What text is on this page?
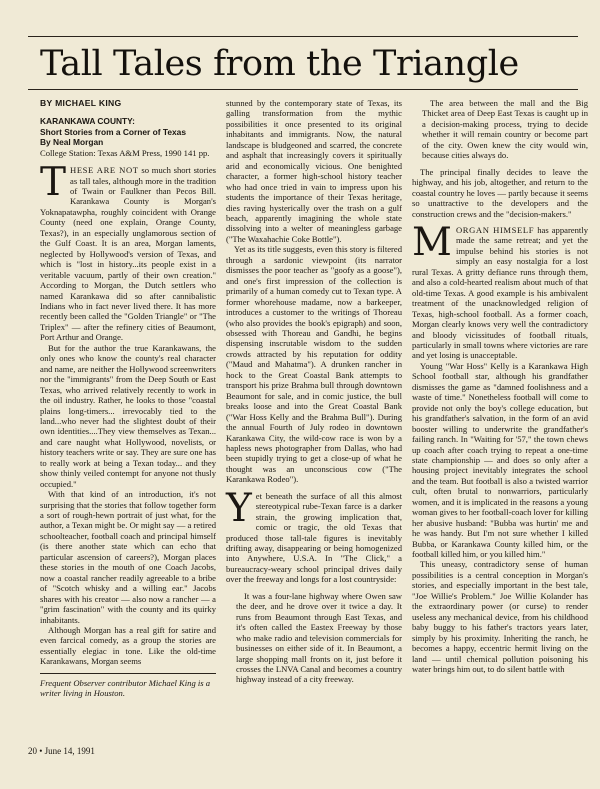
Tall Tales from the Triangle
BY MICHAEL KING
KARANKAWA COUNTY:
Short Stories from a Corner of Texas
By Neal Morgan
College Station: Texas A&M Press, 1990 141 pp.

THESE ARE NOT so much short stories as tall tales, although more in the tradition of Twain or Faulkner than Pecos Bill. Karankawa County is Morgan's Yoknapatawpha, roughly coincident with Orange County (need one explain, Orange County, Texas?), in an especially unglamorous section of the Gulf Coast. It is an area, Morgan laments, neglected by Hollywood's version of Texas, and which is "lost in history...its people exist in a veritable vacuum, partly of their own creation." According to Morgan, the Dutch settlers who named Karankawa did so after cannibalistic Indians who in fact never lived there. It has more recently been called the "Golden Triangle" or "The Triplex" — after the refinery cities of Beaumont, Port Arthur and Orange.

But for the author the true Karankawans, the only ones who know the county's real character and name, are neither the Hollywood screenwriters nor the "immigrants" from the Deep South or East Texas, who arrived relatively recently to work in the oil industry. Rather, he looks to those "coastal plains long-timers... irrevocably tied to the land...who never had the slightest doubt of their own identities....They view themselves as Texan... and care naught what Hollywood, novelists, or history teachers write or say. They are sure one has to really work at being a Texan today... and they show thinly veiled contempt for anyone not thusly occupied."

With that kind of an introduction, it's not surprising that the stories that follow together form a sort of rough-hewn portrait of just what, for the author, a Texan might be. Or might say — a retired schoolteacher, football coach and principal himself (is there another state which can echo that particular ascension of careers?), Morgan places these stories in the mouth of one Coach Jacobs, now a coastal rancher readily agreeable to a bribe of "Scotch whisky and a willing ear." Jacobs shares with his creator — also now a rancher — a "grim fascination" with the county and its quirky inhabitants.

Although Morgan has a real gift for satire and even farcical comedy, as a group the stories are essentially elegiac in tone. Like the old-time Karankawans, Morgan seems

Frequent Observer contributor Michael King is a writer living in Houston.

stunned by the contemporary state of Texas, its galling transformation from the mythic possibilities it once presented to its original inhabitants and immigrants. Now, the natural landscape is bludgeoned and scarred, the concrete and asphalt that increasingly covers it spiritually arid and economically vicious. One benighted character, a former high-school history teacher who had once tried in vain to impress upon his students the importance of their Texas heritage, dies raving hysterically over the trash on a gulf beach, apparently imagining the whole state dissolving into a welter of meaningless garbage ("The Waxahachie Coke Bottle").

Yet as its title suggests, even this story is filtered through a sardonic viewpoint (its narrator dismisses the poor teacher as "goofy as a goose"), and one's first impression of the collection is primarily of a human comedy cut to Texan type. A former whorehouse madame, now a barkeeper, introduces a customer to the writings of Thoreau (who also provides the book's epigraph) and soon, obsessed with Thoreau and Gandhi, he begins dispensing inscrutable wisdom to the sudden crowds attracted by his reputation for oddity ("Maud and Mahatma"). A drunken rancher in hock to the Great Coastal Bank attempts to transport his prize Brahma bull through downtown Beaumont for sale, and in comic justice, the bull breaks loose and into the Great Coastal Bank ("War Hoss Kelly and the Brahma Bull"). During the annual Fourth of July rodeo in downtown Karankawa City, the wild-cow race is won by a hapless news photographer from Dallas, who had been stupidly trying to get a close-up of what he thought was an unconscious cow ("The Karankawa Rodeo").

Yet beneath the surface of all this almost stereotypical rube-Texan farce is a darker strain, the growing implication that, comic or tragic, the old Texas that produced those tall-tale figures is inevitably drifting away, disappearing or being homogenized into Anywhere, U.S.A. In "The Click," a bureaucracy-weary school principal drives daily over the freeway and longs for a lost countryside:

It was a four-lane highway where Owen saw the deer, and he drove over it twice a day. It runs from Beaumont through East Texas, and it's often called the Eastex Freeway by those who make radio and television commercials for businesses on either side of it. In Beaumont, a large shopping mall fronts on it, just before it crosses the LNVA Canal and becomes a country highway instead of a city freeway.

The area between the mall and the Big Thicket area of Deep East Texas is caught up in a decision-making process, trying to decide whether it will remain country or become part of the city. Owen knew the city would win, because cities always do.

The principal finally decides to leave the highway, and his job, altogether, and return to the coastal country he loves — partly because it seems so unattractive to the developers and the construction crews and the "decision-makers."

MORGAN HIMSELF has apparently made the same retreat; and yet the impulse behind his stories is not simply an easy nostalgia for a lost rural Texas. A gritty defiance runs through them, and also a cold-hearted realism about much of that old-time Texas. A good example is his ambivalent treatment of the unacknowledged religion of Texas, high-school football. As a former coach, Morgan clearly knows very well the contradictory and bloody vicissitudes of football rituals, particularly in small towns where victories are rare and yet losing is unacceptable.

Young "War Hoss" Kelly is a Karankawa High School football star, although his grandfather dismisses the game as "damned foolishness and a waste of time." Nonetheless football will come to provide not only the boy's college education, but his grandfather's salvation, in the form of an avid booster willing to underwrite the grandfather's failing ranch. In "Waiting for '57," the town chews up coach after coach trying to repeat a one-time state championship — and does so only after a housing project inevitably integrates the school and the team. But football is also a twisted warrior cult, often brutal to nonwarriors, particularly women, and it is implicated in the reasons a young woman gives to her football-coach lover for killing her abusive husband: "Bubba was hurtin' me and he was handy. But I'm not sure whether I killed Bubba, or Karankawa County killed him, or the football killed him, or you killed him."

This uneasy, contradictory sense of human possibilities is a central conception in Morgan's stories, and especially important in the best tale, "Joe Willie's Problem." Joe Willie Kolander has the extraordinary power (or curse) to render useless any mechanical device, from his childhood baby buggy to his father's tractors years later, simply by his proximity. Inheriting the ranch, he becomes a happy, eccentric hermit living on the land — until chemical pollution poisoning his water brings him out, to do silent battle with

20 • June 14, 1991
